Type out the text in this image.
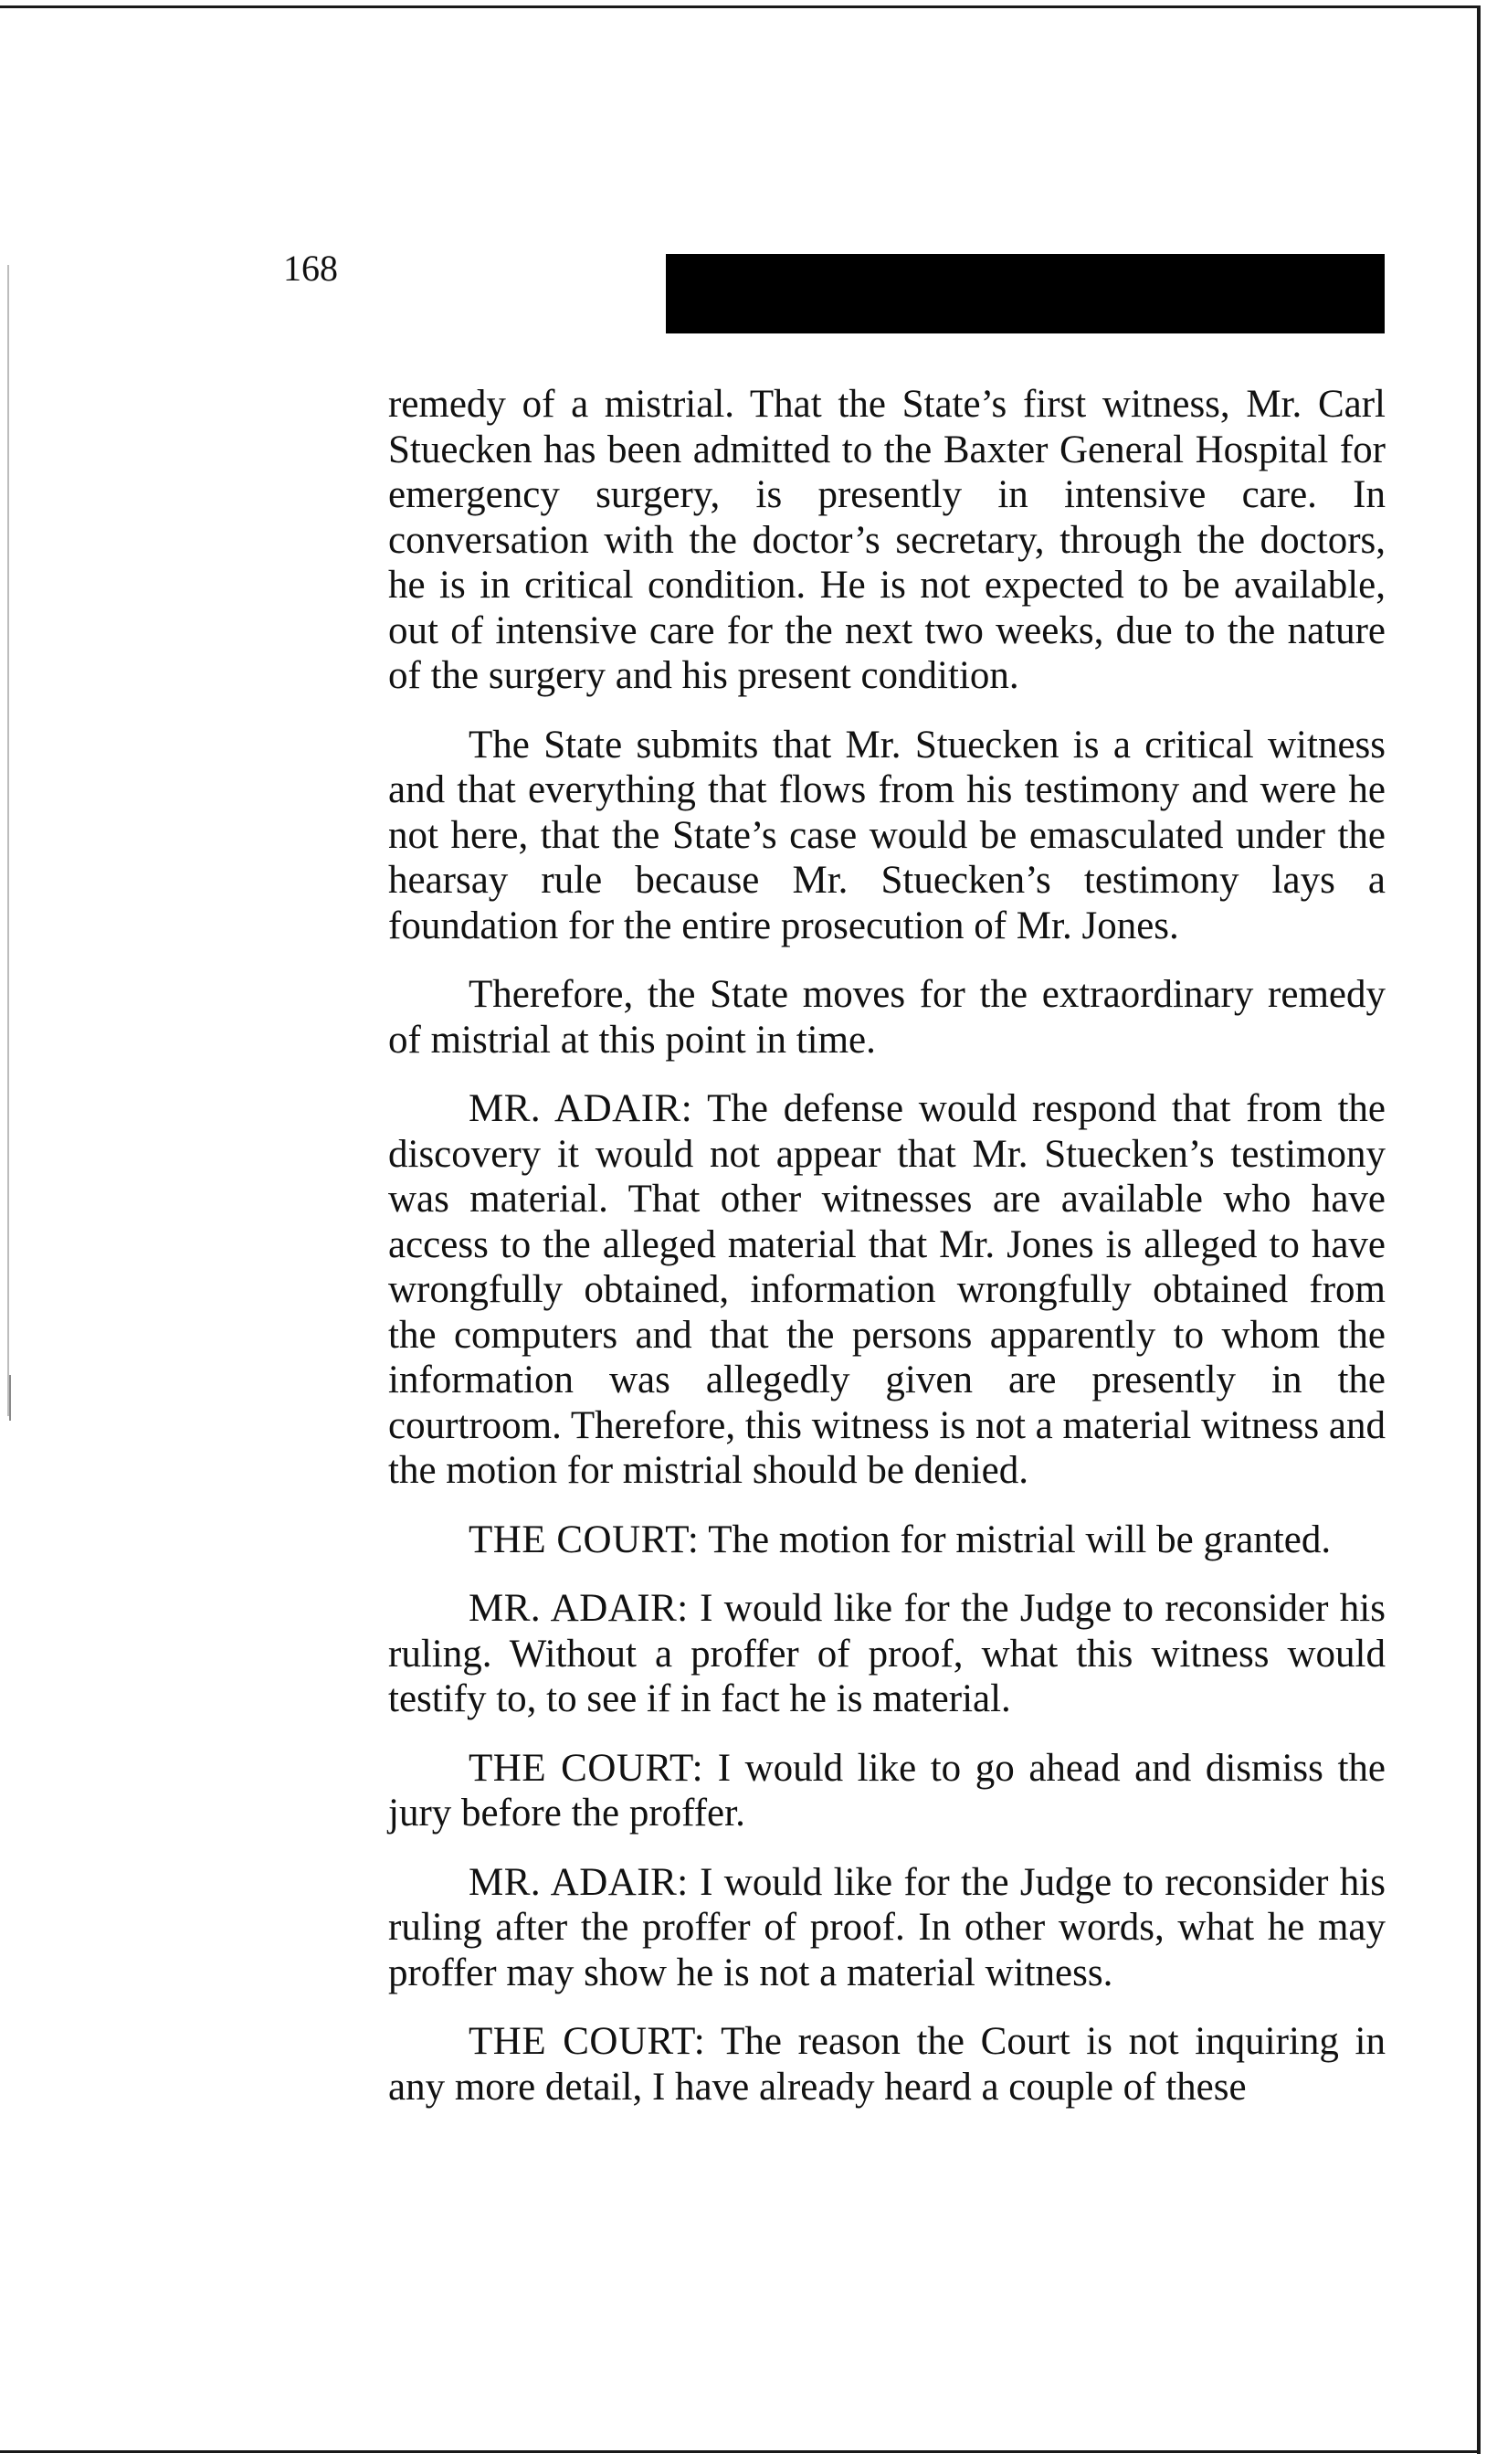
168

remedy of a mistrial. That the State’s first witness, Mr. Carl Stuecken has been admitted to the Baxter General Hospital for emergency surgery, is presently in intensive care. In conversation with the doctor’s secretary, through the doctors, he is in critical condition. He is not expected to be available, out of intensive care for the next two weeks, due to the nature of the surgery and his present condition.

The State submits that Mr. Stuecken is a critical witness and that everything that flows from his testimony and were he not here, that the State’s case would be emasculated under the hearsay rule because Mr. Stuecken’s testimony lays a foundation for the entire prosecution of Mr. Jones.

Therefore, the State moves for the extraordinary remedy of mistrial at this point in time.

MR. ADAIR: The defense would respond that from the discovery it would not appear that Mr. Stuecken’s testimony was material. That other witnesses are available who have access to the alleged material that Mr. Jones is alleged to have wrongfully obtained, information wrongfully obtained from the computers and that the persons apparently to whom the information was allegedly given are presently in the courtroom. Therefore, this witness is not a material witness and the motion for mistrial should be denied.

THE COURT: The motion for mistrial will be granted.

MR. ADAIR: I would like for the Judge to reconsider his ruling. Without a proffer of proof, what this witness would testify to, to see if in fact he is material.

THE COURT: I would like to go ahead and dismiss the jury before the proffer.

MR. ADAIR: I would like for the Judge to reconsider his ruling after the proffer of proof. In other words, what he may proffer may show he is not a material witness.

THE COURT: The reason the Court is not inquiring in any more detail, I have already heard a couple of these
